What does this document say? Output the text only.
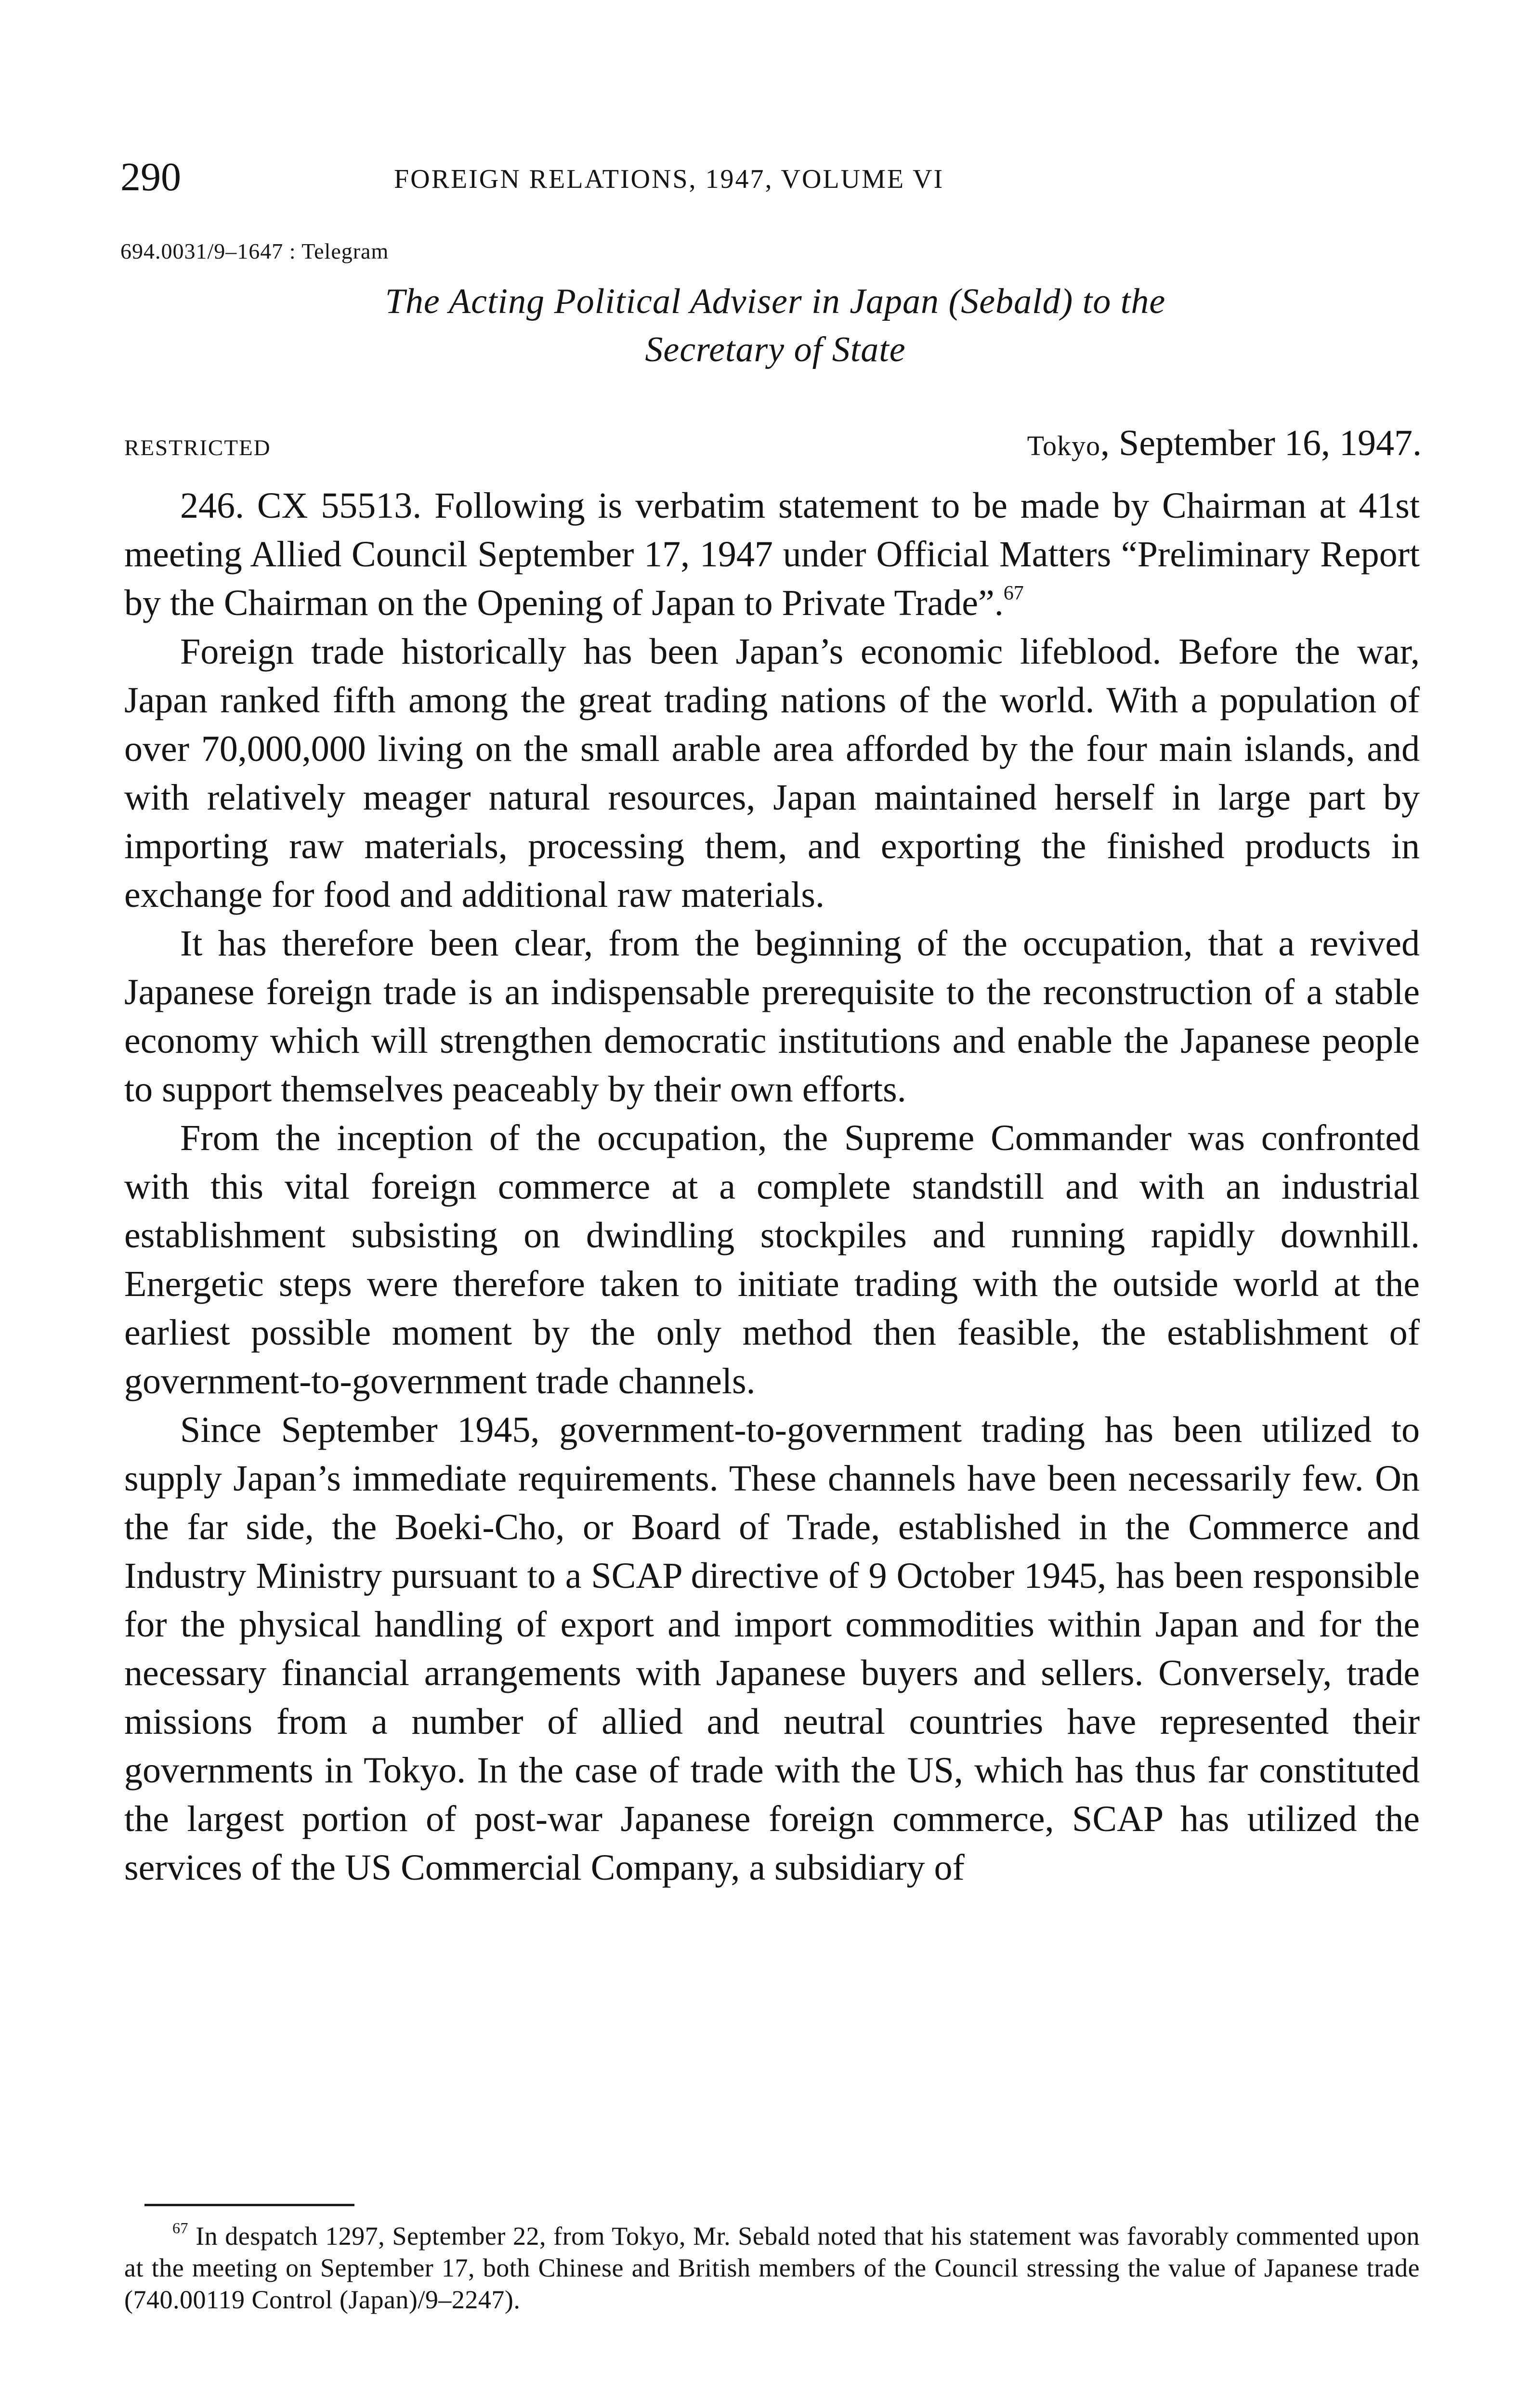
290	FOREIGN RELATIONS, 1947, VOLUME VI
694.0031/9–1647 : Telegram
The Acting Political Adviser in Japan (Sebald) to the
Secretary of State
RESTRICTED	Tokyo, September 16, 1947.

246. CX 55513. Following is verbatim statement to be made by Chairman at 41st meeting Allied Council September 17, 1947 under Official Matters “Preliminary Report by the Chairman on the Opening of Japan to Private Trade”.$^{67}$

Foreign trade historically has been Japan’s economic lifeblood. Before the war, Japan ranked fifth among the great trading nations of the world. With a population of over 70,000,000 living on the small arable area afforded by the four main islands, and with relatively meager natural resources, Japan maintained herself in large part by importing raw materials, processing them, and exporting the finished products in exchange for food and additional raw materials.

It has therefore been clear, from the beginning of the occupation, that a revived Japanese foreign trade is an indispensable prerequisite to the reconstruction of a stable economy which will strengthen democratic institutions and enable the Japanese people to support themselves peaceably by their own efforts.

From the inception of the occupation, the Supreme Commander was confronted with this vital foreign commerce at a complete standstill and with an industrial establishment subsisting on dwindling stockpiles and running rapidly downhill. Energetic steps were therefore taken to initiate trading with the outside world at the earliest possible moment by the only method then feasible, the establishment of government-to-government trade channels.

Since September 1945, government-to-government trading has been utilized to supply Japan’s immediate requirements. These channels have been necessarily few. On the far side, the Boeki-Cho, or Board of Trade, established in the Commerce and Industry Ministry pursuant to a SCAP directive of 9 October 1945, has been responsible for the physical handling of export and import commodities within Japan and for the necessary financial arrangements with Japanese buyers and sellers. Conversely, trade missions from a number of allied and neutral countries have represented their governments in Tokyo. In the case of trade with the US, which has thus far constituted the largest portion of post-war Japanese foreign commerce, SCAP has utilized the services of the US Commercial Company, a subsidiary of

$^{67}$ In despatch 1297, September 22, from Tokyo, Mr. Sebald noted that his statement was favorably commented upon at the meeting on September 17, both Chinese and British members of the Council stressing the value of Japanese trade (740.00119 Control (Japan)/9–2247).
